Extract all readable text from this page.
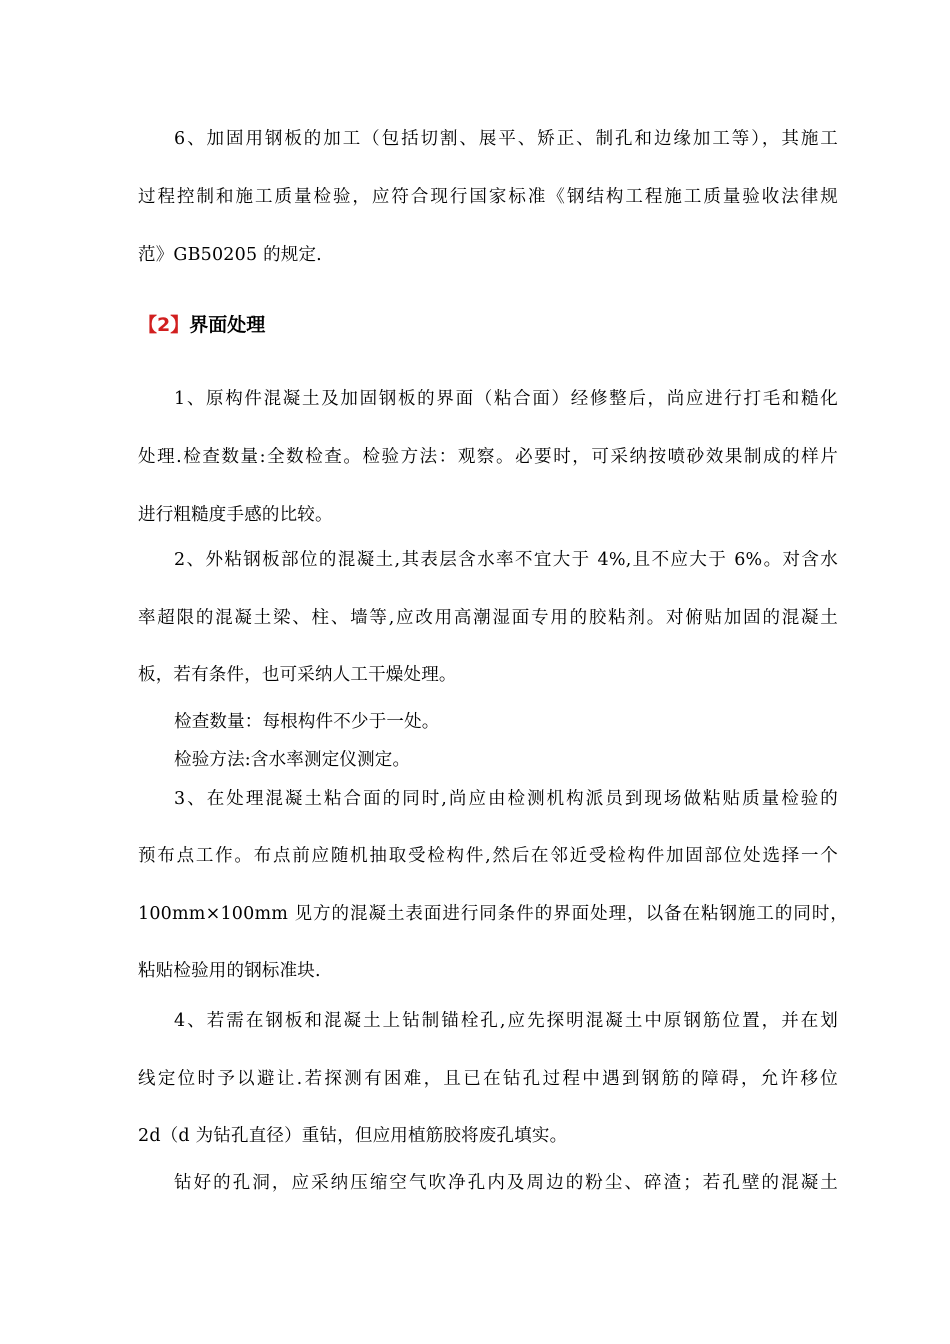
6、加固用钢板的加工（包括切割、展平、矫正、制孔和边缘加工等），其施工
过程控制和施工质量检验，应符合现行国家标准《钢结构工程施工质量验收法律规
范》GB50205 的规定.
【2】界面处理
1、原构件混凝土及加固钢板的界面（粘合面）经修整后，尚应进行打毛和糙化
处理.检查数量:全数检查。检验方法：观察。必要时，可采纳按喷砂效果制成的样片
进行粗糙度手感的比较。
2、外粘钢板部位的混凝土,其表层含水率不宜大于 4%,且不应大于 6%。对含水
率超限的混凝土梁、柱、墙等,应改用高潮湿面专用的胶粘剂。对俯贴加固的混凝土
板，若有条件，也可采纳人工干燥处理。
检查数量：每根构件不少于一处。
检验方法:含水率测定仪测定。
3、在处理混凝土粘合面的同时,尚应由检测机构派员到现场做粘贴质量检验的
预布点工作。布点前应随机抽取受检构件,然后在邻近受检构件加固部位处选择一个
100mm×100mm 见方的混凝土表面进行同条件的界面处理，以备在粘钢施工的同时，
粘贴检验用的钢标准块.
4、若需在钢板和混凝土上钻制锚栓孔,应先探明混凝土中原钢筋位置，并在划
线定位时予以避让.若探测有困难，且已在钻孔过程中遇到钢筋的障碍，允许移位
2d（d 为钻孔直径）重钻，但应用植筋胶将废孔填实。
钻好的孔洞，应采纳压缩空气吹净孔内及周边的粉尘、碎渣；若孔壁的混凝土
